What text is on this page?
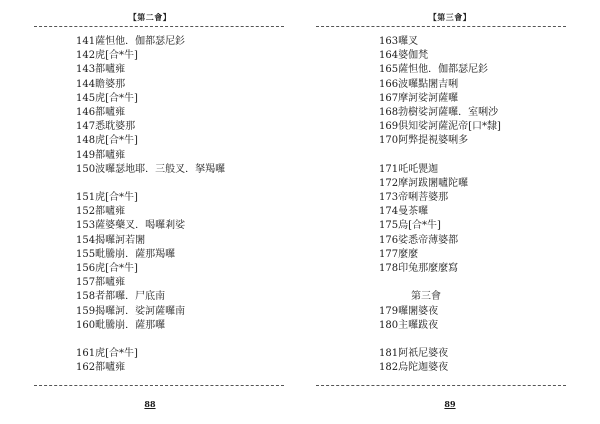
【第二會】
141薩怛他．伽都瑟尼釤
142虎[合*牛]
143都嚧雍
144瞻婆那
145虎[合*牛]
146都嚧雍
147悉耽婆那
148虎[合*牛]
149都嚧雍
150波囉瑟地耶．三般叉．拏羯囉
151虎[合*牛]
152都嚧雍
153薩婆藥叉．喝囉剎娑
154揭囉訶若闍
155毗騰崩．薩那羯囉
156虎[合*牛]
157都嚧雍
158者都囉．尸底南
159揭囉訶．娑訶薩囉南
160毗騰崩．薩那囉
161虎[合*牛]
162都嚧雍
88
【第三會】
163囉叉
164婆伽梵
165薩怛他．伽都瑟尼釤
166波囉點闍吉唎
167摩訶娑訶薩囉
168勃樹娑訶薩囉．室唎沙
169俱知娑訶薩泥帝[口*隸]
170阿弊提視婆唎多
171吒吒甖迦
172摩訶跋闍嚧陀囉
173帝唎菩婆那
174曼茶囉
175烏[合*牛]
176娑悉帝薄婆都
177麼麼
178印兔那麼麼寫
第三會
179囉闍婆夜
180主囉跋夜
181阿祇尼婆夜
182烏陀迦婆夜
89
